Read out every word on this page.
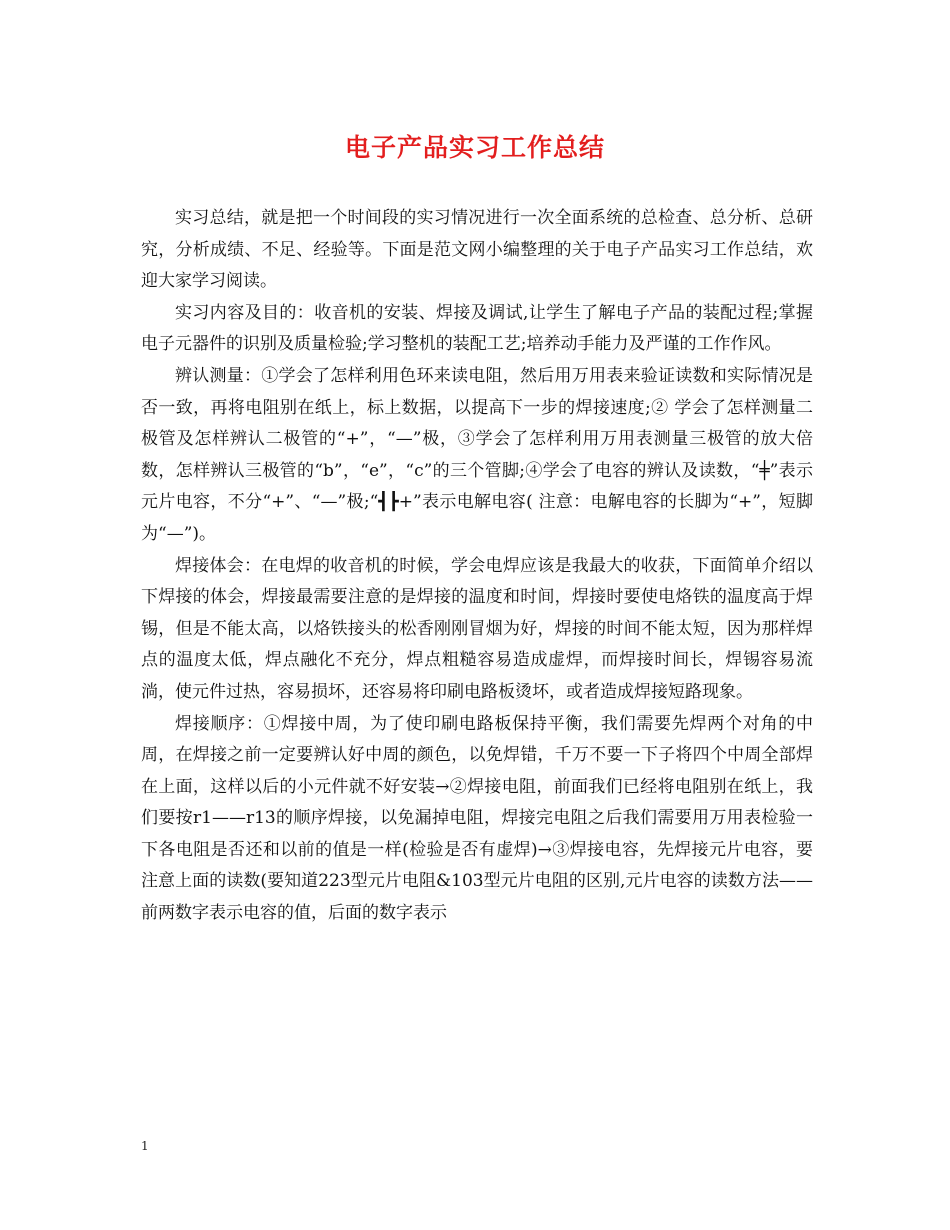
电子产品实习工作总结

实习总结，就是把一个时间段的实习情况进行一次全面系统的总检查、总分析、总研究，分析成绩、不足、经验等。下面是范文网小编整理的关于电子产品实习工作总结，欢迎大家学习阅读。

实习内容及目的：收音机的安装、焊接及调试,让学生了解电子产品的装配过程;掌握电子元器件的识别及质量检验;学习整机的装配工艺;培养动手能力及严谨的工作作风。

辨认测量：①学会了怎样利用色环来读电阻，然后用万用表来验证读数和实际情况是否一致，再将电阻别在纸上，标上数据，以提高下一步的焊接速度;② 学会了怎样测量二极管及怎样辨认二极管的“+”，“—”极，③学会了怎样利用万用表测量三极管的放大倍数，怎样辨认三极管的“b”，“e”，“c”的三个管脚;④学会了电容的辨认及读数，“╪”表示元片电容，不分“+”、“—”极;“┫┣+”表示电解电容( 注意：电解电容的长脚为“+”，短脚为“—”)。

焊接体会：在电焊的收音机的时候，学会电焊应该是我最大的收获，下面简单介绍以下焊接的体会，焊接最需要注意的是焊接的温度和时间，焊接时要使电烙铁的温度高于焊锡，但是不能太高，以烙铁接头的松香刚刚冒烟为好，焊接的时间不能太短，因为那样焊点的温度太低，焊点融化不充分，焊点粗糙容易造成虚焊，而焊接时间长，焊锡容易流淌，使元件过热，容易损坏，还容易将印刷电路板烫坏，或者造成焊接短路现象。

焊接顺序：①焊接中周，为了使印刷电路板保持平衡，我们需要先焊两个对角的中周，在焊接之前一定要辨认好中周的颜色，以免焊错，千万不要一下子将四个中周全部焊在上面，这样以后的小元件就不好安装→②焊接电阻，前面我们已经将电阻别在纸上，我们要按r1——r13的顺序焊接，以免漏掉电阻，焊接完电阻之后我们需要用万用表检验一下各电阻是否还和以前的值是一样(检验是否有虚焊)→③焊接电容，先焊接元片电容，要注意上面的读数(要知道223型元片电阻&103型元片电阻的区别,元片电容的读数方法——前两数字表示电容的值，后面的数字表示

1
